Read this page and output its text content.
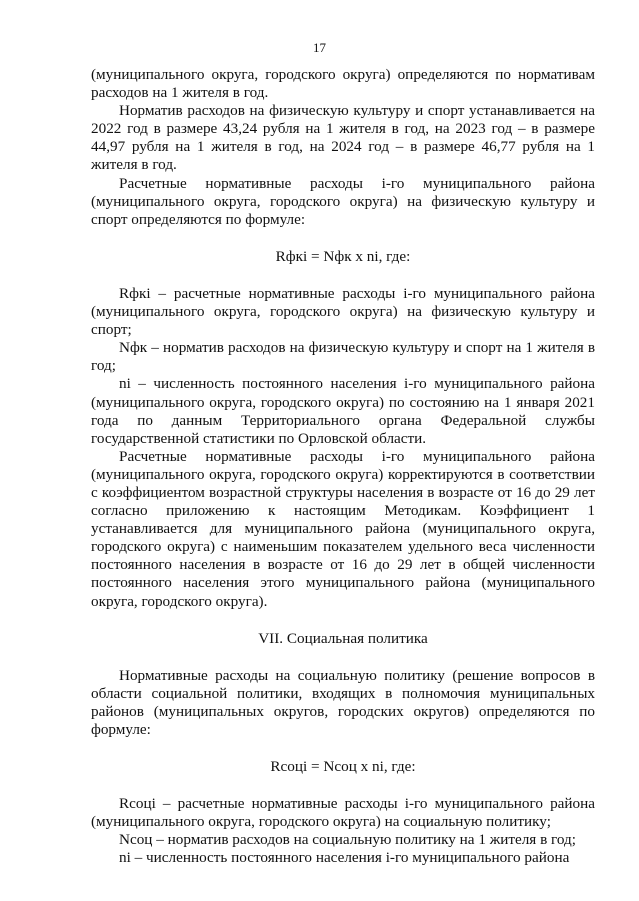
17

(муниципального округа, городского округа) определяются по нормативам расходов на 1 жителя в год.

Норматив расходов на физическую культуру и спорт устанавливается на 2022 год в размере 43,24 рубля на 1 жителя в год, на 2023 год – в размере 44,97 рубля на 1 жителя в год, на 2024 год – в размере 46,77 рубля на 1 жителя в год.

Расчетные нормативные расходы i-го муниципального района (муниципального округа, городского округа) на физическую культуру и спорт определяются по формуле:

Rфкi = Nфк x ni, где:

Rфкi – расчетные нормативные расходы i-го муниципального района (муниципального округа, городского округа) на физическую культуру и спорт;

Nфк – норматив расходов на физическую культуру и спорт на 1 жителя в год;

ni – численность постоянного населения i-го муниципального района (муниципального округа, городского округа) по состоянию на 1 января 2021 года по данным Территориального органа Федеральной службы государственной статистики по Орловской области.

Расчетные нормативные расходы i-го муниципального района (муниципального округа, городского округа) корректируются в соответствии с коэффициентом возрастной структуры населения в возрасте от 16 до 29 лет согласно приложению к настоящим Методикам. Коэффициент 1 устанавливается для муниципального района (муниципального округа, городского округа) с наименьшим показателем удельного веса численности постоянного населения в возрасте от 16 до 29 лет в общей численности постоянного населения этого муниципального района (муниципального округа, городского округа).

VII. Социальная политика

Нормативные расходы на социальную политику (решение вопросов в области социальной политики, входящих в полномочия муниципальных районов (муниципальных округов, городских округов) определяются по формуле:

Rсоцi = Nсоц x ni, где:

Rсоцi – расчетные нормативные расходы i-го муниципального района (муниципального округа, городского округа) на социальную политику;

Nсоц – норматив расходов на социальную политику на 1 жителя в год;

ni – численность постоянного населения i-го муниципального района
